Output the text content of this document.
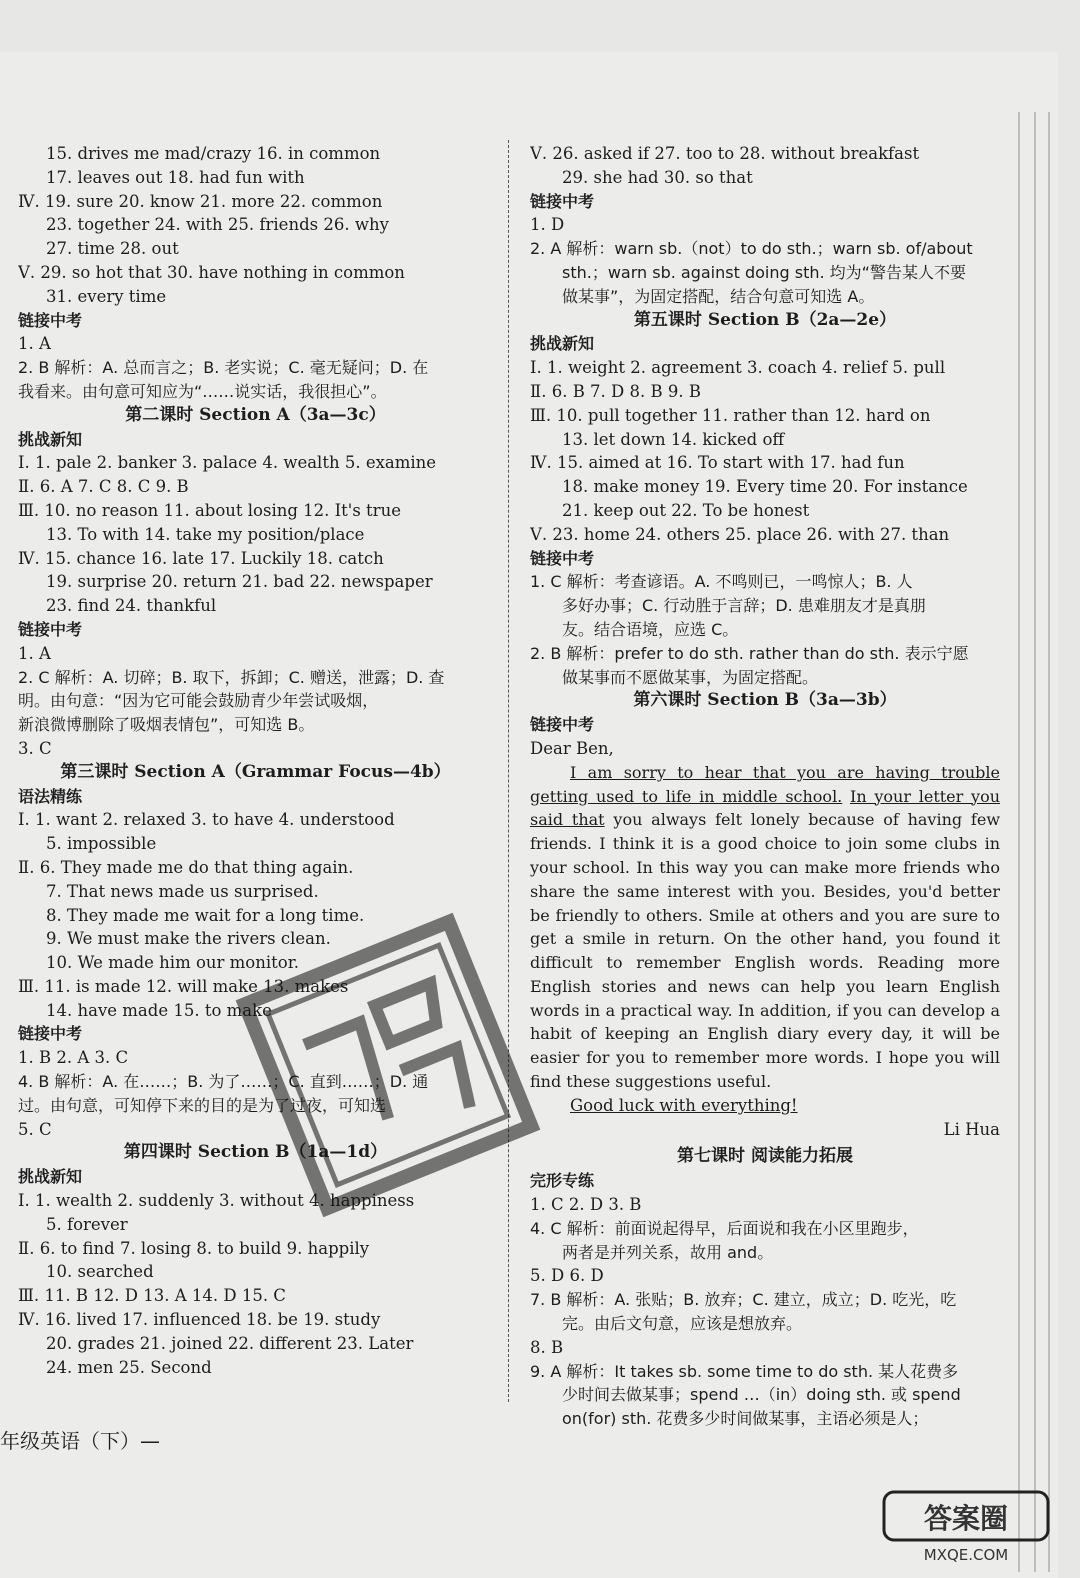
15. drives me mad/crazy 16. in common
17. leaves out 18. had fun with
Ⅳ. 19. sure 20. know 21. more 22. common
23. together 24. with 25. friends 26. why
27. time 28. out
Ⅴ. 29. so hot that 30. have nothing in common
31. every time
链接中考
1. A
2. B 解析：A. 总而言之；B. 老实说；C. 毫无疑问；D. 在
我看来。由句意可知应为“……说实话，我很担心”。
第二课时 Section A（3a—3c）
挑战新知
Ⅰ. 1. pale 2. banker 3. palace 4. wealth 5. examine
Ⅱ. 6. A 7. C 8. C 9. B
Ⅲ. 10. no reason 11. about losing 12. It's true
13. To with 14. take my position/place
Ⅳ. 15. chance 16. late 17. Luckily 18. catch
19. surprise 20. return 21. bad 22. newspaper
23. find 24. thankful
链接中考
1. A
2. C 解析：A. 切碎；B. 取下，拆卸；C. 赠送，泄露；D. 查
明。由句意：“因为它可能会鼓励青少年尝试吸烟，
新浪微博删除了吸烟表情包”，可知选 B。
3. C
第三课时 Section A（Grammar Focus—4b）
语法精练
Ⅰ. 1. want 2. relaxed 3. to have 4. understood
5. impossible
Ⅱ. 6. They made me do that thing again.
7. That news made us surprised.
8. They made me wait for a long time.
9. We must make the rivers clean.
10. We made him our monitor.
Ⅲ. 11. is made 12. will make 13. makes
14. have made 15. to make
链接中考
1. B 2. A 3. C
4. B 解析：A. 在……；B. 为了……；C. 直到……；D. 通
过。由句意，可知停下来的目的是为了过夜，可知选
5. C
第四课时 Section B（1a—1d）
挑战新知
Ⅰ. 1. wealth 2. suddenly 3. without 4. happiness
5. forever
Ⅱ. 6. to find 7. losing 8. to build 9. happily
10. searched
Ⅲ. 11. B 12. D 13. A 14. D 15. C
Ⅳ. 16. lived 17. influenced 18. be 19. study
20. grades 21. joined 22. different 23. Later
24. men 25. Second
Ⅴ. 26. asked if 27. too to 28. without breakfast
29. she had 30. so that
链接中考
1. D
2. A 解析：warn sb.（not）to do sth.；warn sb. of/about
sth.；warn sb. against doing sth. 均为“警告某人不要
做某事”，为固定搭配，结合句意可知选 A。
第五课时 Section B（2a—2e）
挑战新知
Ⅰ. 1. weight 2. agreement 3. coach 4. relief 5. pull
Ⅱ. 6. B 7. D 8. B 9. B
Ⅲ. 10. pull together 11. rather than 12. hard on
13. let down 14. kicked off
Ⅳ. 15. aimed at 16. To start with 17. had fun
18. make money 19. Every time 20. For instance
21. keep out 22. To be honest
Ⅴ. 23. home 24. others 25. place 26. with 27. than
链接中考
1. C 解析：考查谚语。A. 不鸣则已，一鸣惊人；B. 人
多好办事；C. 行动胜于言辞；D. 患难朋友才是真朋
友。结合语境，应选 C。
2. B 解析：prefer to do sth. rather than do sth. 表示宁愿
做某事而不愿做某事，为固定搭配。
第六课时 Section B（3a—3b）
链接中考
Dear Ben,
I am sorry to hear that you are having trouble getting used to life in middle school. In your letter you said that you always felt lonely because of having few friends. I think it is a good choice to join some clubs in your school. In this way you can make more friends who share the same interest with you. Besides, you'd better be friendly to others. Smile at others and you are sure to get a smile in return. On the other hand, you found it difficult to remember English words. Reading more English stories and news can help you learn English words in a practical way. In addition, if you can develop a habit of keeping an English diary every day, it will be easier for you to remember more words. I hope you will find these suggestions useful.
Good luck with everything!
Li Hua
第七课时 阅读能力拓展
完形专练
1. C 2. D 3. B
4. C 解析：前面说起得早，后面说和我在小区里跑步，
两者是并列关系，故用 and。
5. D 6. D
7. B 解析：A. 张贴；B. 放弃；C. 建立，成立；D. 吃光，吃
完。由后文句意，应该是想放弃。
8. B
9. A 解析：It takes sb. some time to do sth. 某人花费多
少时间去做某事；spend …（in）doing sth. 或 spend
on(for) sth. 花费多少时间做某事，主语必须是人；
年级英语（下）—
答案圈
MXQE.COM
